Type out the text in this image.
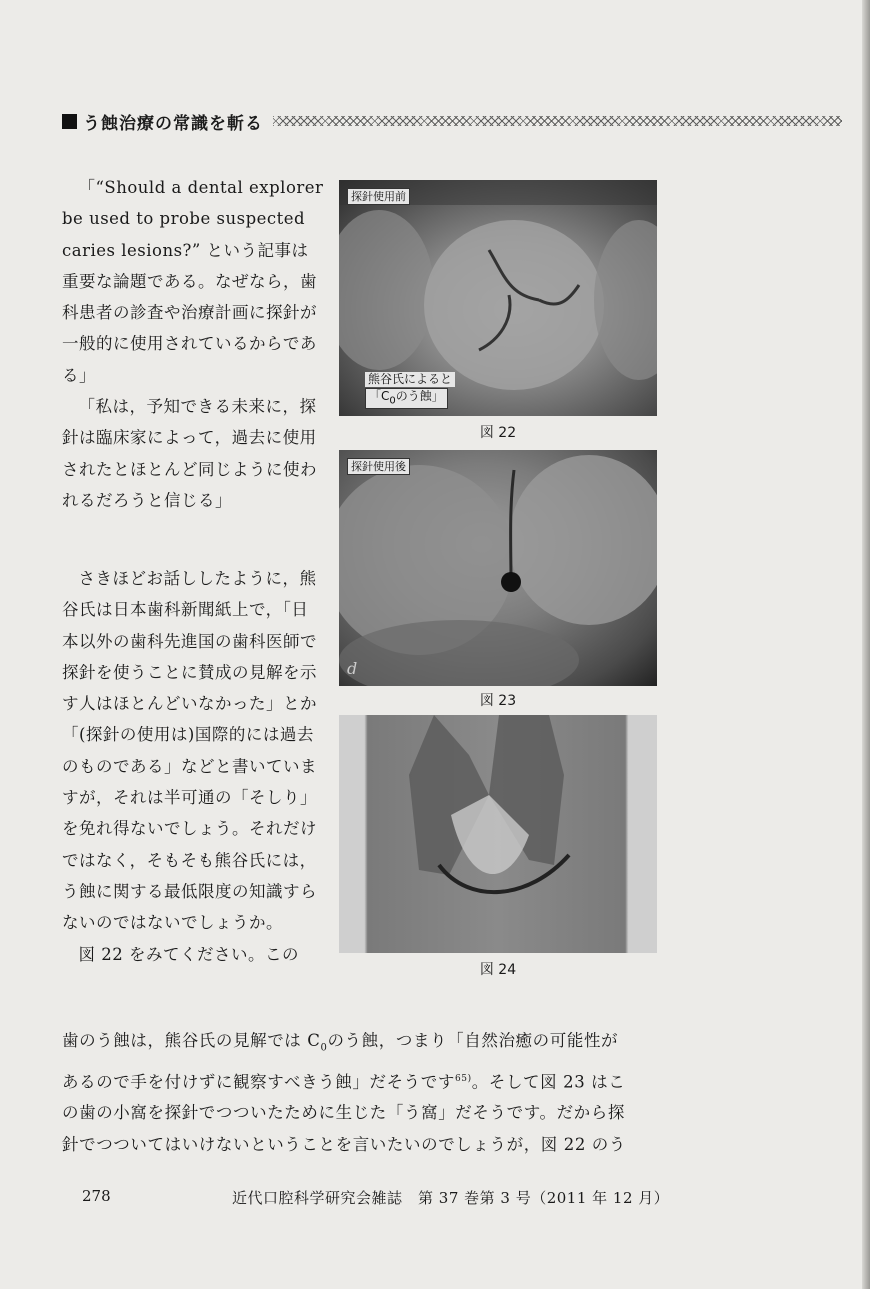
う蝕治療の常識を斬る

「“Should a dental explorer be used to probe suspected caries lesions?” という記事は重要な論題である。なぜなら，歯科患者の診査や治療計画に探針が一般的に使用されているからである」

「私は，予知できる未来に，探針は臨床家によって，過去に使用されたとほとんど同じように使われるだろうと信じる」

さきほどお話ししたように，熊谷氏は日本歯科新聞紙上で，「日本以外の歯科先進国の歯科医師で探針を使うことに賛成の見解を示す人はほとんどいなかった」とか「(探針の使用は)国際的には過去のものである」などと書いていますが，それは半可通の「そしり」を免れ得ないでしょう。それだけではなく，そもそも熊谷氏には，う蝕に関する最低限度の知識すらないのではないでしょうか。

図 22 をみてください。この

歯のう蝕は，熊谷氏の見解では $C_0$のう蝕，つまり「自然治癒の可能性が

あるので手を付けずに観察すべきう蝕」だそうです$^{65)}$。そして図 23 はこ

の歯の小窩を探針でつついたために生じた「う窩」だそうです。だから探

針でつついてはいけないということを言いたいのでしょうが，図 22 のう

探針使用前
熊谷氏によると
「$C_0$のう蝕」
図 22
探針使用後
d
図 23
図 24
278	近代口腔科学研究会雑誌　第 37 巻第 3 号（2011 年 12 月）
